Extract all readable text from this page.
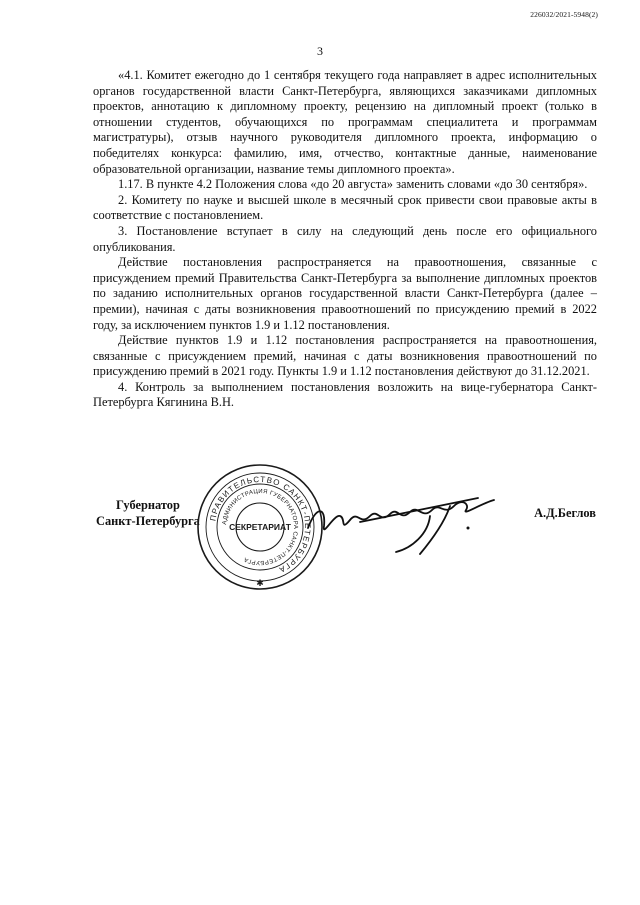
226032/2021-5948(2)
3

«4.1. Комитет ежегодно до 1 сентября текущего года направляет в адрес исполнительных органов государственной власти Санкт-Петербурга, являющихся заказчиками дипломных проектов, аннотацию к дипломному проекту, рецензию на дипломный проект (только в отношении студентов, обучающихся по программам специалитета и программам магистратуры), отзыв научного руководителя дипломного проекта, информацию о победителях конкурса: фамилию, имя, отчество, контактные данные, наименование образовательной организации, название темы дипломного проекта».

1.17. В пункте 4.2 Положения слова «до 20 августа» заменить словами «до 30 сентября».

2. Комитету по науке и высшей школе в месячный срок привести свои правовые акты в соответствие с постановлением.

3. Постановление вступает в силу на следующий день после его официального опубликования.

Действие постановления распространяется на правоотношения, связанные с присуждением премий Правительства Санкт-Петербурга за выполнение дипломных проектов по заданию исполнительных органов государственной власти Санкт-Петербурга (далее – премии), начиная с даты возникновения правоотношений по присуждению премий в 2022 году, за исключением пунктов 1.9 и 1.12 постановления.

Действие пунктов 1.9 и 1.12 постановления распространяется на правоотношения, связанные с присуждением премий, начиная с даты возникновения правоотношений по присуждению премий в 2021 году. Пункты 1.9 и 1.12 постановления действуют до 31.12.2021.

4. Контроль за выполнением постановления возложить на вице-губернатора Санкт-Петербурга Кягинина В.Н.

Губернатор
Санкт-Петербурга ПРАВИТЕЛЬСТВО САНКТ-ПЕТЕРБУРГА
АДМИНИСТРАЦИЯ ГУБЕРНАТОРА САНКТ-ПЕТЕРБУРГА
СЕКРЕТАРИАТ
✱
А.Д.Беглов
